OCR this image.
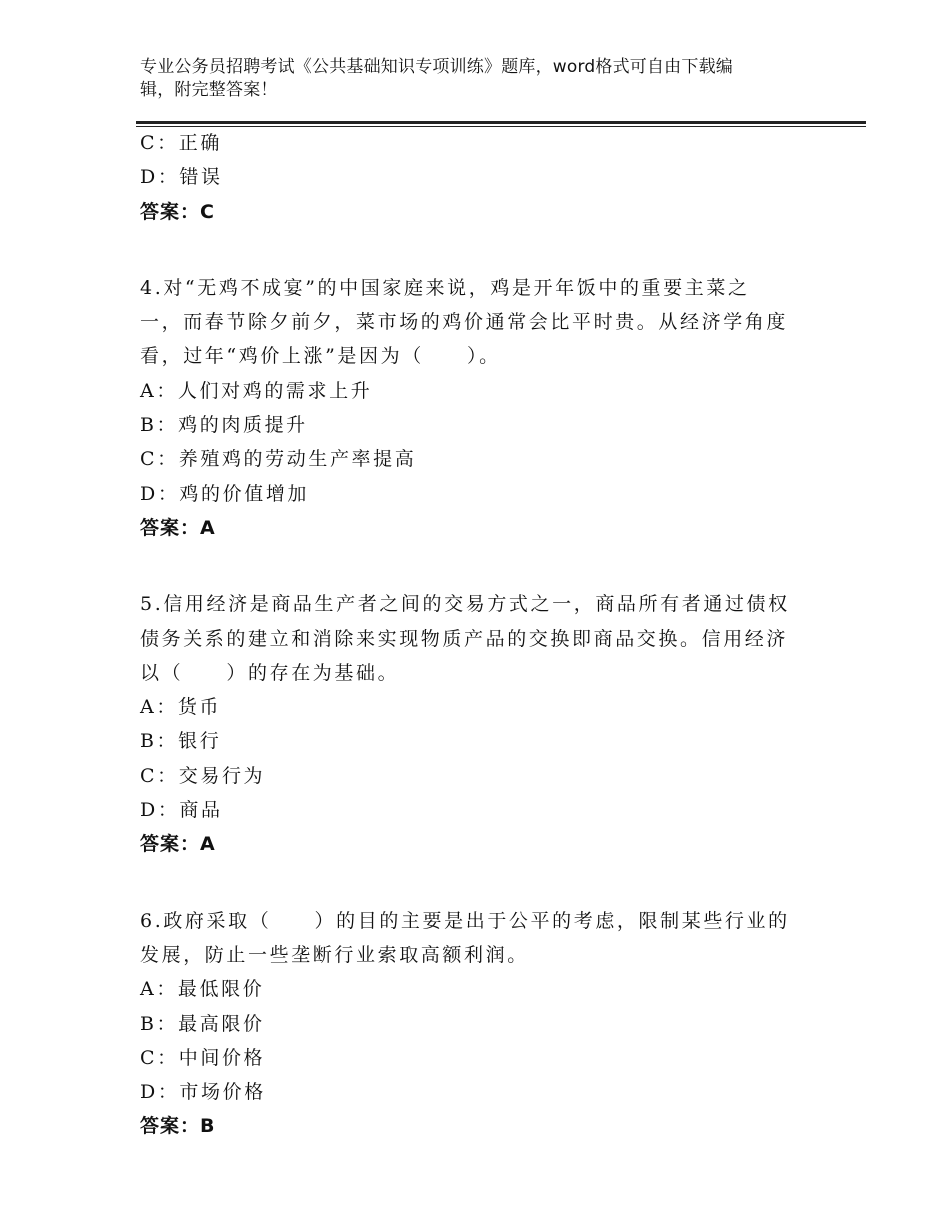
专业公务员招聘考试《公共基础知识专项训练》题库，word格式可自由下载编
辑，附完整答案！
C：正确
D：错误
答案：C
4.对“无鸡不成宴”的中国家庭来说，鸡是开年饭中的重要主菜之
一，而春节除夕前夕，菜市场的鸡价通常会比平时贵。从经济学角度
看，过年“鸡价上涨”是因为（　　）。
A：人们对鸡的需求上升
B：鸡的肉质提升
C：养殖鸡的劳动生产率提高
D：鸡的价值增加
答案：A
5.信用经济是商品生产者之间的交易方式之一，商品所有者通过债权
债务关系的建立和消除来实现物质产品的交换即商品交换。信用经济
以（　　）的存在为基础。
A：货币
B：银行
C：交易行为
D：商品
答案：A
6.政府采取（　　）的目的主要是出于公平的考虑，限制某些行业的
发展，防止一些垄断行业索取高额利润。
A：最低限价
B：最高限价
C：中间价格
D：市场价格
答案：B
